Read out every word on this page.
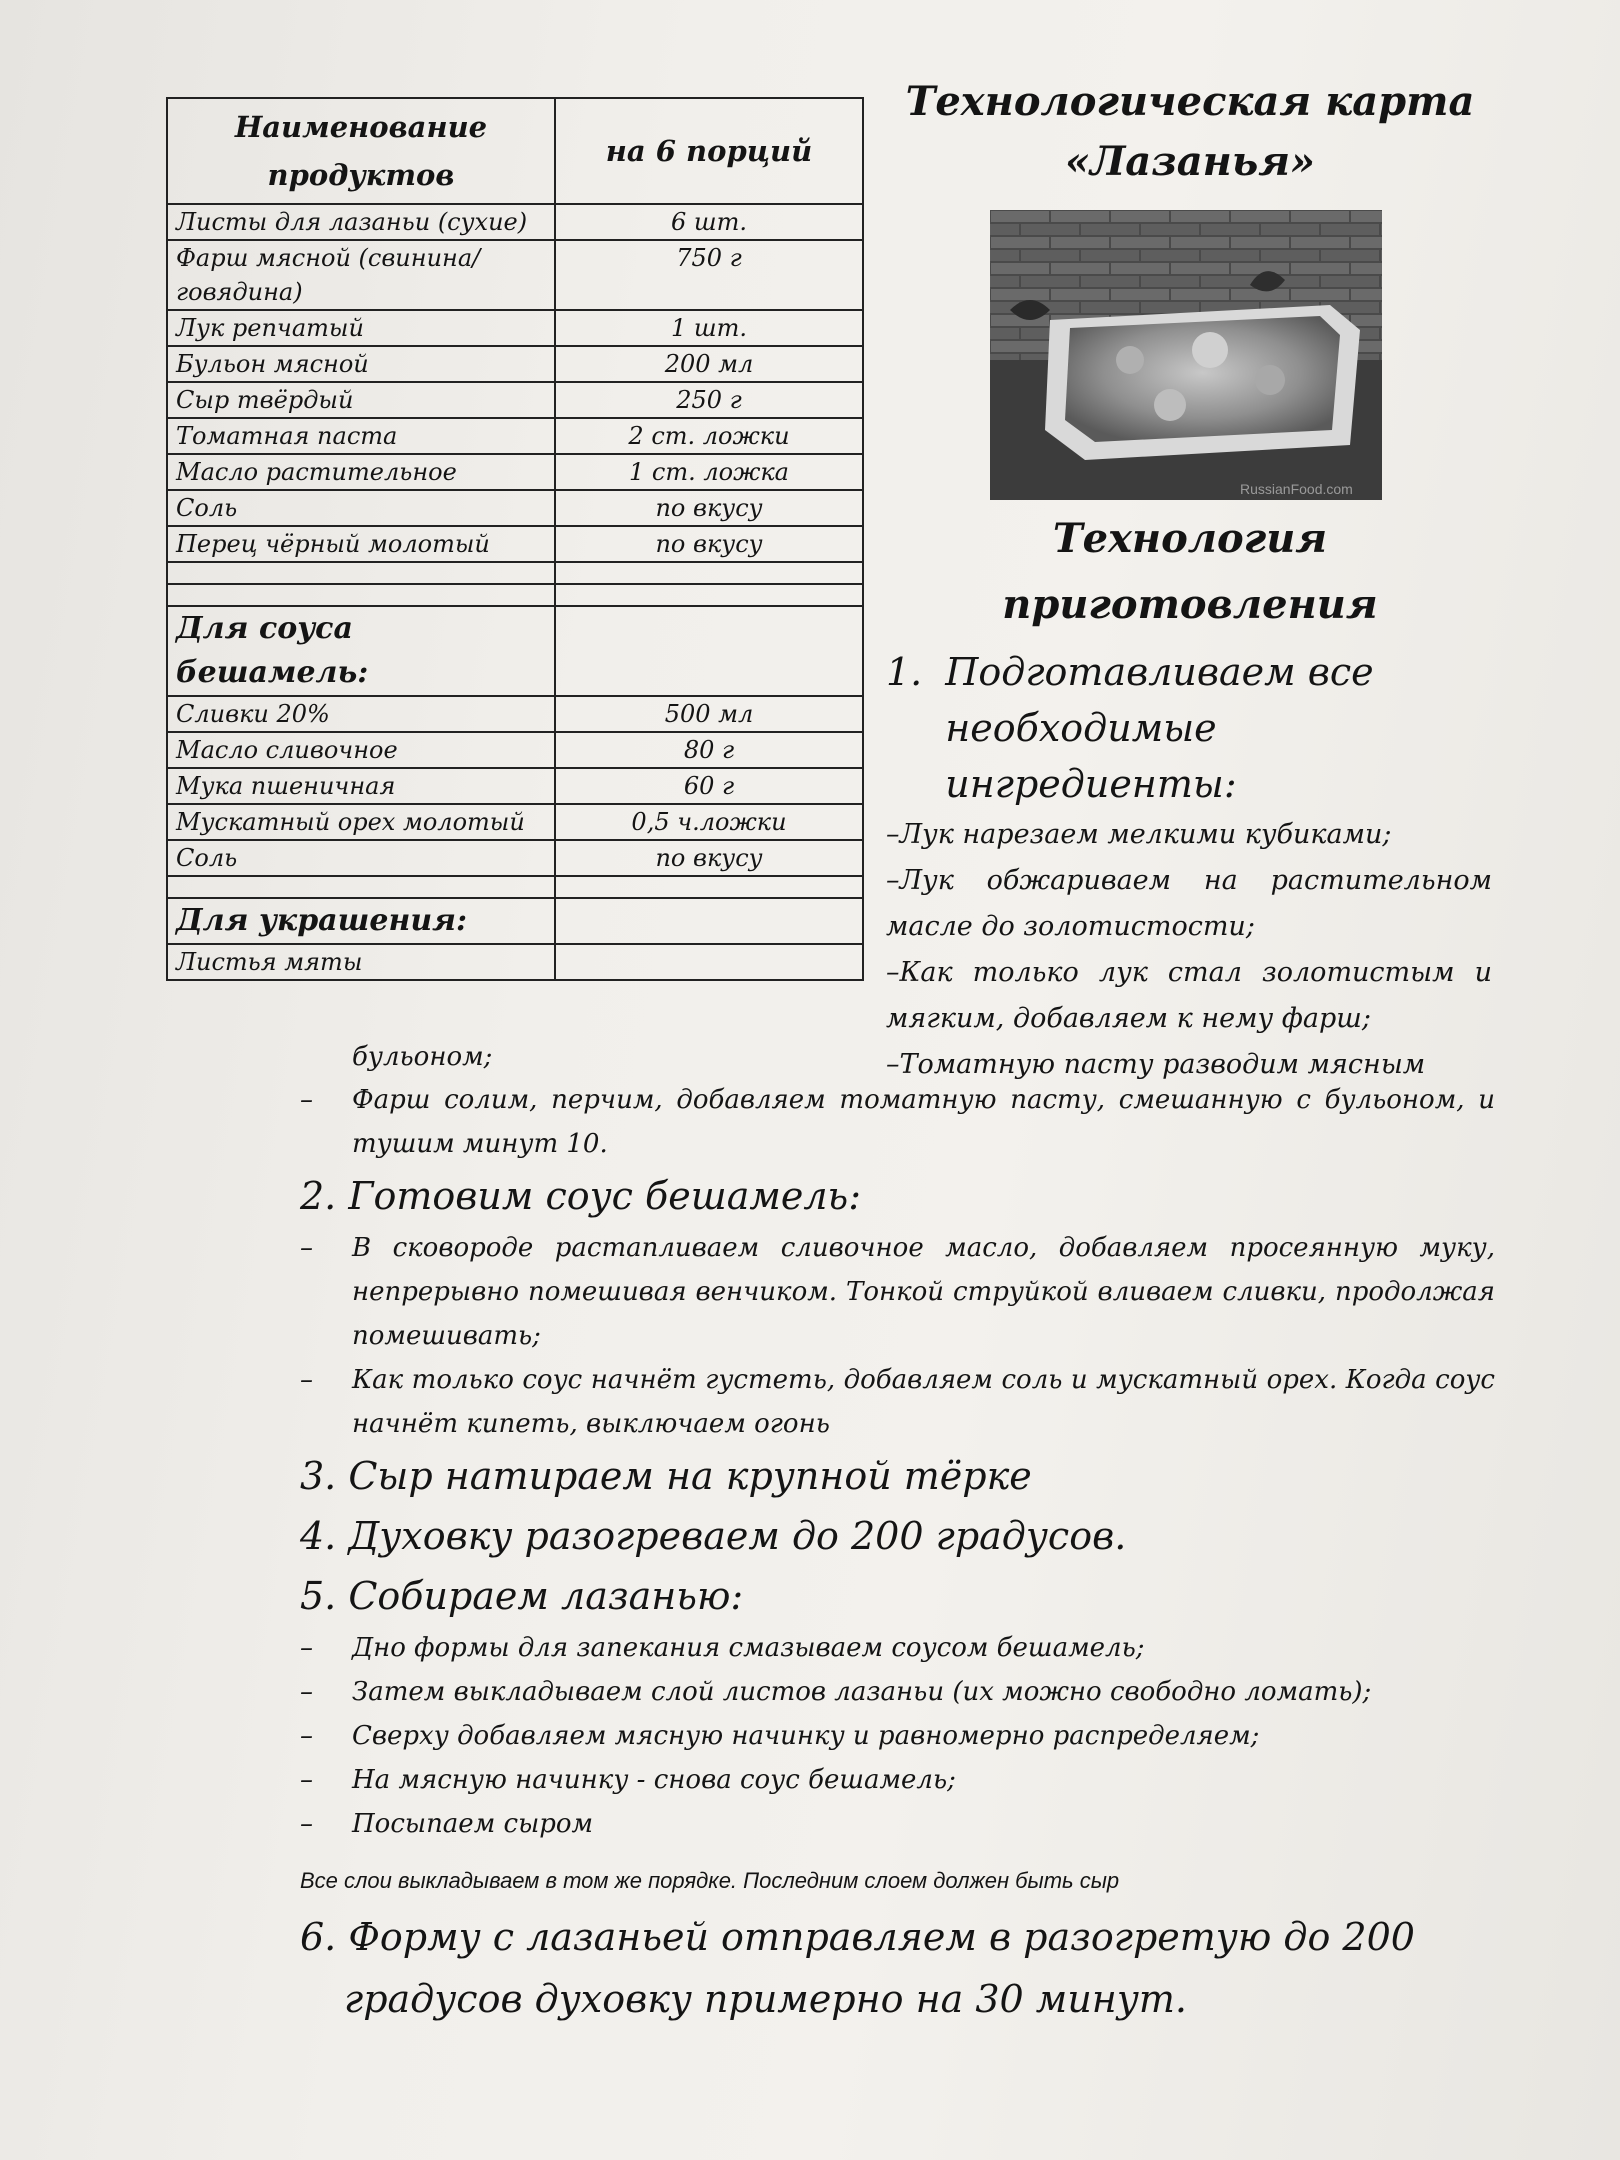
Наименование продуктов	на 6 порций
Листы для лазаньи (сухие)	6 шт.
Фарш мясной (свинина/говядина)	750 г
Лук репчатый	1 шт.
Бульон мясной	200 мл
Сыр твёрдый	250 г
Томатная паста	2 ст. ложки
Масло растительное	1 ст. ложка
Соль	по вкусу
Перец чёрный молотый	по вкусу

Для соуса бешамель:	
Сливки 20%	500 мл
Масло сливочное	80 г
Мука пшеничная	60 г
Мускатный орех молотый	0,5 ч.ложки
Соль	по вкусу

Для украшения:	
Листья мяты	
Технологическая карта «Лазанья»
RussianFood.com
Технология приготовления
1. Подготавливаем все необходимые ингредиенты:
–Лук нарезаем мелкими кубиками;
–Лук обжариваем на растительном масле до золотистости;
–Как только лук стал золотистым и мягким, добавляем к нему фарш;
–Томатную пасту разводим мясным
бульоном;
–	Фарш солим, перчим, добавляем томатную пасту, смешанную с бульоном, и тушим минут 10.
2. Готовим соус бешамель:
–	В сковороде растапливаем сливочное масло, добавляем просеянную муку, непрерывно помешивая венчиком. Тонкой струйкой вливаем сливки, продолжая помешивать;
–	Как только соус начнёт густеть, добавляем соль и мускатный орех. Когда соус начнёт кипеть, выключаем огонь
3. Сыр натираем на крупной тёрке
4. Духовку разогреваем до 200 градусов.
5. Собираем лазанью:
–	Дно формы для запекания смазываем соусом бешамель;
–	Затем выкладываем слой листов лазаньи (их можно свободно ломать);
–	Сверху добавляем мясную начинку и равномерно распределяем;
–	На мясную начинку - снова соус бешамель;
–	Посыпаем сыром
Все слои выкладываем в том же порядке. Последним слоем должен быть сыр
6. Форму с лазаньей отправляем в разогретую до 200
градусов духовку примерно на 30 минут.
